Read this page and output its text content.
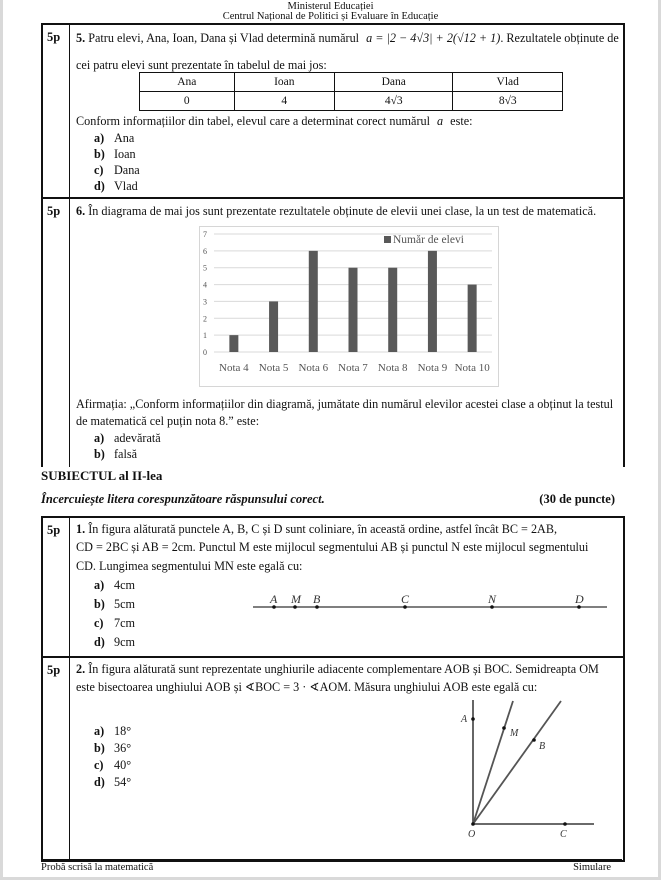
Ministerul Educației
Centrul Național de Politici și Evaluare în Educație
5p 5. Patru elevi, Ana, Ioan, Dana și Vlad determină numărul a = |2 − 4√3| + 2(√12 + 1). Rezultatele obținute de
cei patru elevi sunt prezentate în tabelul de mai jos:
Ana	Ioan	Dana	Vlad
0	4	4√3	8√3
Conform informațiilor din tabel, elevul care a determinat corect numărul a este:
a) Ana
b) Ioan
c) Dana
d) Vlad
5p 6. În diagrama de mai jos sunt prezentate rezultatele obținute de elevii unei clase, la un test de matematică.
Afirmația: „Conform informațiilor din diagramă, jumătate din numărul elevilor acestei clase a obținut la testul
de matematică cel puțin nota 8.” este:
a) adevărată
b) falsă
0
1
2
3
4
5
6
7
Nota 4 Nota 5 Nota 6 Nota 7 Nota 8 Nota 9 Nota 10
Număr de elevi
SUBIECTUL al II-lea
Încercuiește litera corespunzătoare răspunsului corect.	(30 de puncte)
5p 1. În figura alăturată punctele A, B, C și D sunt coliniare, în această ordine, astfel încât BC = 2AB,
CD = 2BC și AB = 2cm. Punctul M este mijlocul segmentului AB și punctul N este mijlocul segmentului
CD. Lungimea segmentului MN este egală cu:
a) 4cm
b) 5cm
c) 7cm
d) 9cm
A M B	C	N	D
5p 2. În figura alăturată sunt reprezentate unghiurile adiacente complementare AOB și BOC. Semidreapta OM
este bisectoarea unghiului AOB și ∢BOC = 3 · ∢AOM. Măsura unghiului AOB este egală cu:
a) 18°
b) 36°
c) 40°
d) 54°
A
M
B
O	C
Probă scrisă la matematică	Simulare
